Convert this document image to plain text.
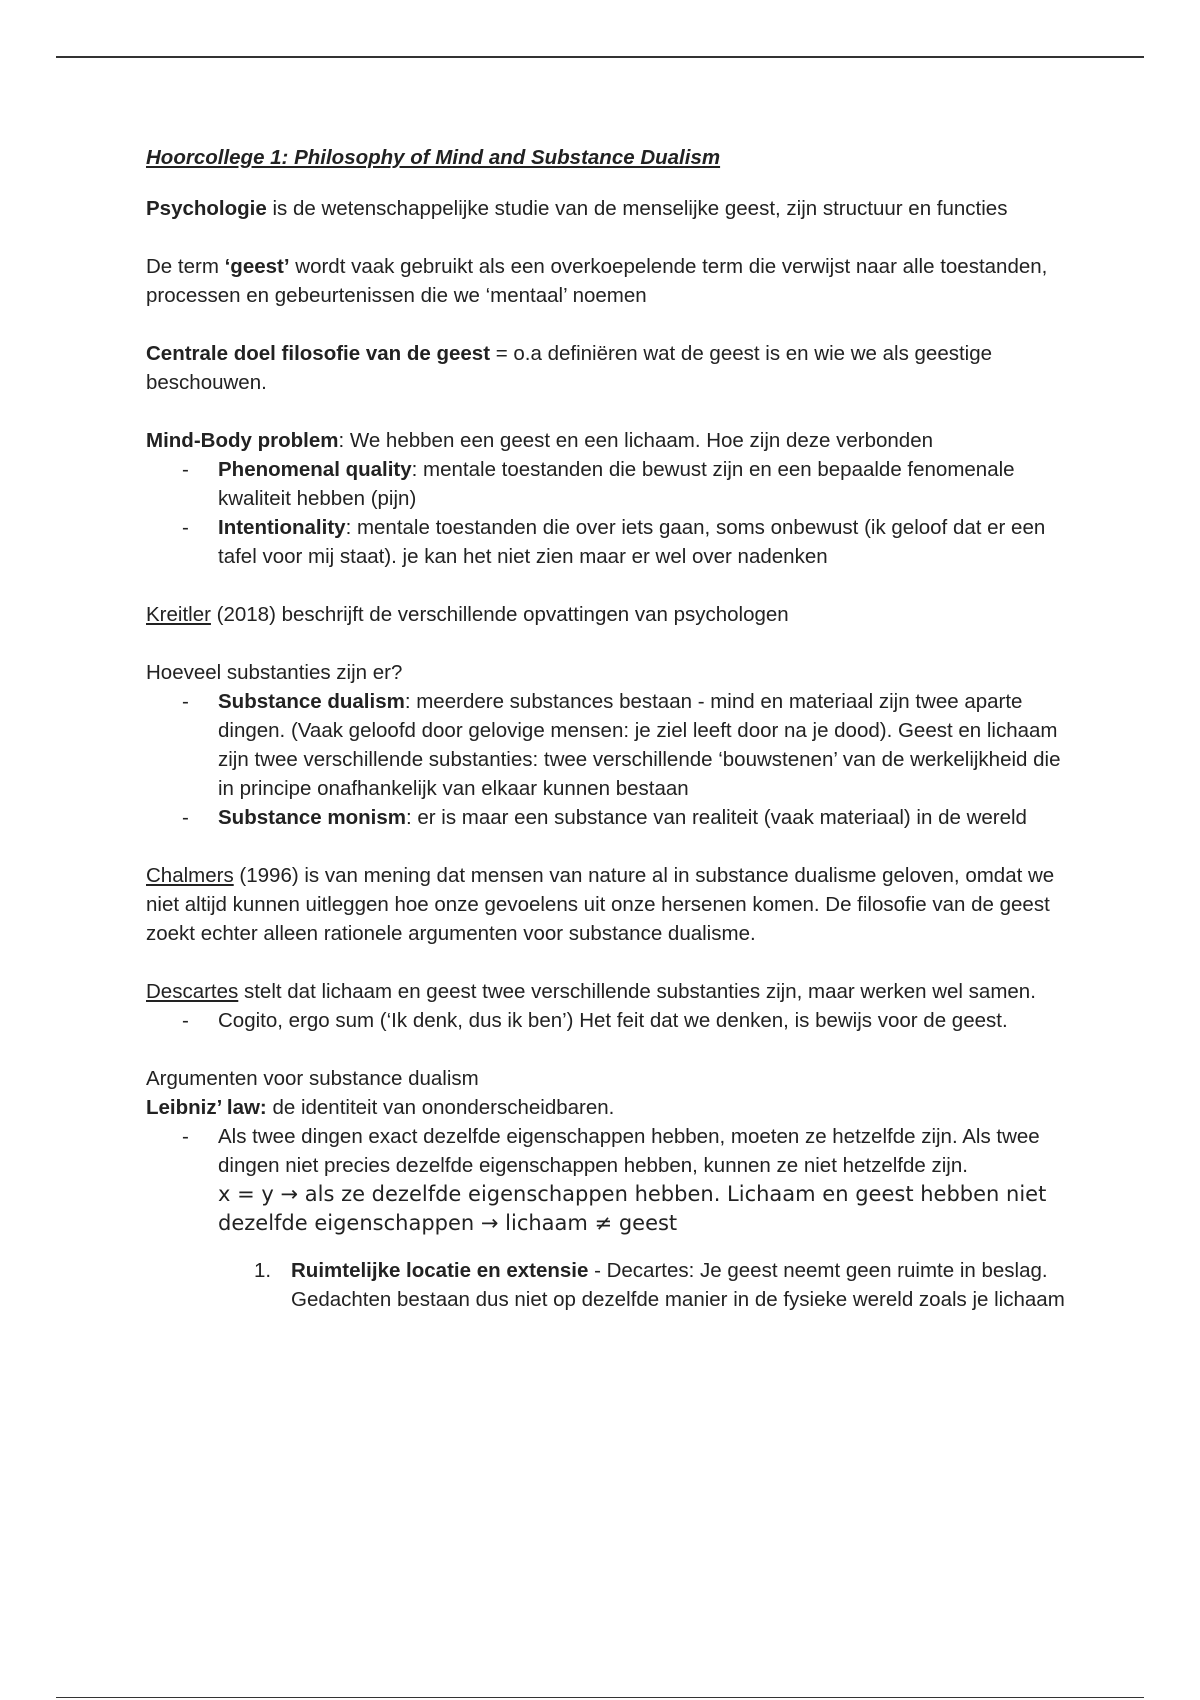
Hoorcollege 1: Philosophy of Mind and Substance Dualism

Psychologie is de wetenschappelijke studie van de menselijke geest, zijn structuur en functies

De term ‘geest’ wordt vaak gebruikt als een overkoepelende term die verwijst naar alle toestanden, processen en gebeurtenissen die we ‘mentaal’ noemen

Centrale doel filosofie van de geest = o.a definiëren wat de geest is en wie we als geestige beschouwen.

Mind-Body problem: We hebben een geest en een lichaam. Hoe zijn deze verbonden

- Phenomenal quality: mentale toestanden die bewust zijn en een bepaalde fenomenale kwaliteit hebben (pijn)
- Intentionality: mentale toestanden die over iets gaan, soms onbewust (ik geloof dat er een tafel voor mij staat). je kan het niet zien maar er wel over nadenken

Kreitler (2018) beschrijft de verschillende opvattingen van psychologen

Hoeveel substanties zijn er?

- Substance dualism: meerdere substances bestaan - mind en materiaal zijn twee aparte dingen. (Vaak geloofd door gelovige mensen: je ziel leeft door na je dood). Geest en lichaam zijn twee verschillende substanties: twee verschillende ‘bouwstenen’ van de werkelijkheid die in principe onafhankelijk van elkaar kunnen bestaan
- Substance monism: er is maar een substance van realiteit (vaak materiaal) in de wereld

Chalmers (1996) is van mening dat mensen van nature al in substance dualisme geloven, omdat we niet altijd kunnen uitleggen hoe onze gevoelens uit onze hersenen komen. De filosofie van de geest zoekt echter alleen rationele argumenten voor substance dualisme.

Descartes stelt dat lichaam en geest twee verschillende substanties zijn, maar werken wel samen.

- Cogito, ergo sum (‘Ik denk, dus ik ben’) Het feit dat we denken, is bewijs voor de geest.

Argumenten voor substance dualism

Leibniz’ law: de identiteit van ononderscheidbaren.

- Als twee dingen exact dezelfde eigenschappen hebben, moeten ze hetzelfde zijn. Als twee dingen niet precies dezelfde eigenschappen hebben, kunnen ze niet hetzelfde zijn.
x = y → als ze dezelfde eigenschappen hebben. Lichaam en geest hebben niet dezelfde eigenschappen → lichaam ≠ geest
1. Ruimtelijke locatie en extensie - Decartes: Je geest neemt geen ruimte in beslag. Gedachten bestaan dus niet op dezelfde manier in de fysieke wereld zoals je lichaam
